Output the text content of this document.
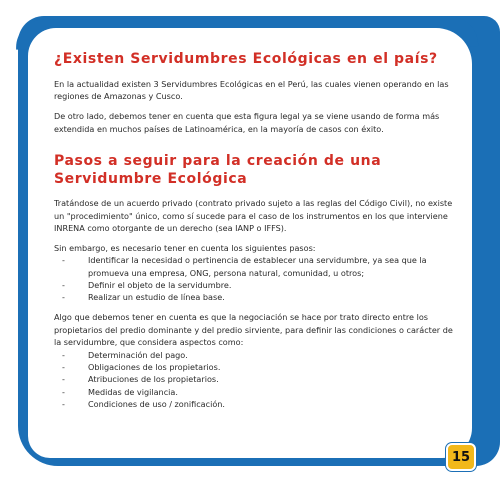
¿Existen Servidumbres Ecológicas en el país?

En la actualidad existen 3 Servidumbres Ecológicas en el Perú, las cuales vienen operando en las regiones de Amazonas y Cusco.

De otro lado, debemos tener en cuenta que esta figura legal ya se viene usando de forma más extendida en muchos países de Latinoamérica, en la mayoría de casos con éxito.

Pasos a seguir para la creación de una
Servidumbre Ecológica

Tratándose de un acuerdo privado (contrato privado sujeto a las reglas del Código Civil), no existe un "procedimiento" único, como sí sucede para el caso de los instrumentos en los que interviene INRENA como otorgante de un derecho (sea IANP o IFFS).

Sin embargo, es necesario tener en cuenta los siguientes pasos:

-	Identificar la necesidad o pertinencia de establecer una servidumbre, ya sea que la promueva una empresa, ONG, persona natural, comunidad, u otros;
-	Definir el objeto de la servidumbre.
-	Realizar un estudio de línea base.

Algo que debemos tener en cuenta es que la negociación se hace por trato directo entre los propietarios del predio dominante y del predio sirviente, para definir las condiciones o carácter de la servidumbre, que considera aspectos como:

-	Determinación del pago.
-	Obligaciones de los propietarios.
-	Atribuciones de los propietarios.
-	Medidas de vigilancia.
-	Condiciones de uso / zonificación.
15
